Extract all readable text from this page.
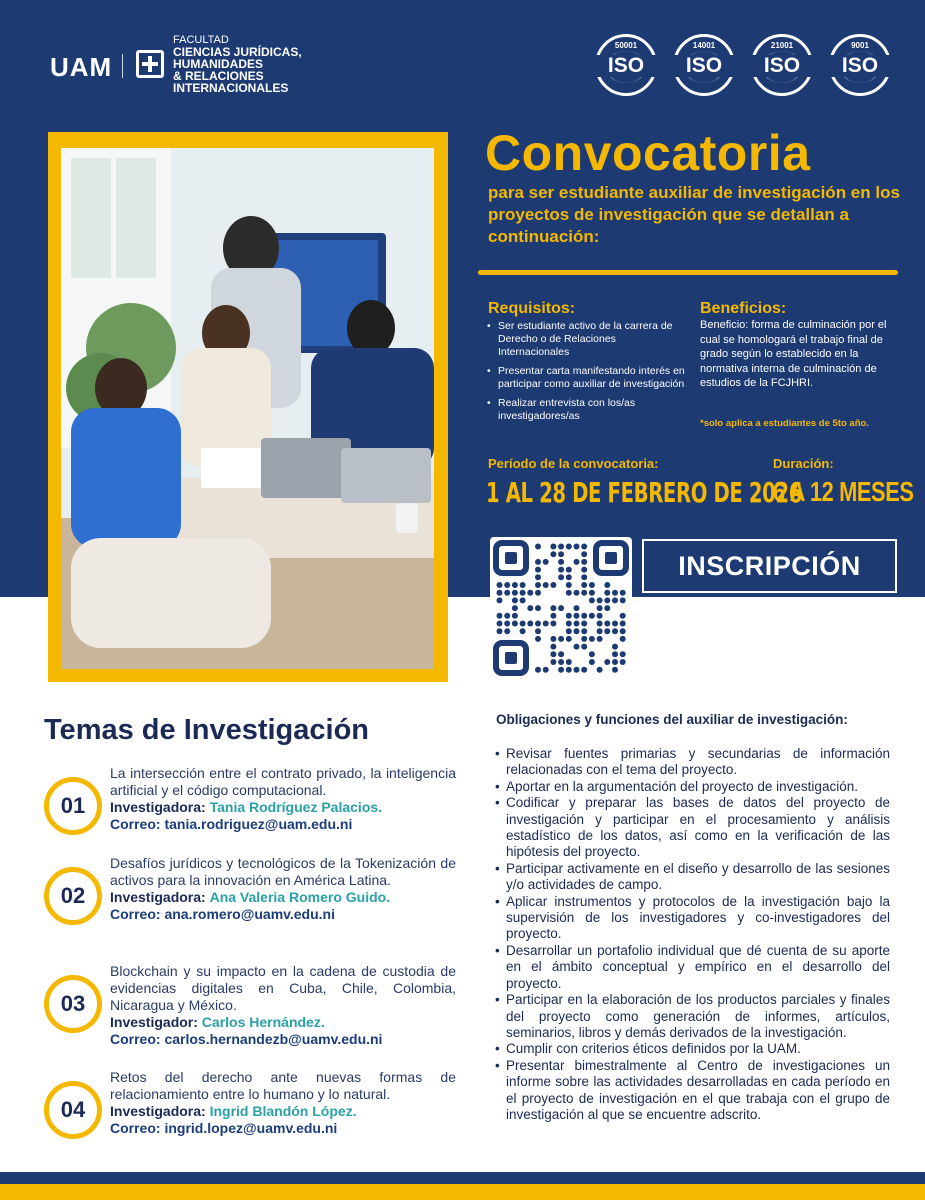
UAM
FACULTAD
CIENCIAS JURÍDICAS,
HUMANIDADES
& RELACIONES
INTERNACIONALES
50001
ISO
14001
ISO
21001
ISO
9001
ISO
Convocatoria
para ser estudiante auxiliar de investigación en los proyectos de investigación que se detallan a continuación:
Requisitos:
• Ser estudiante activo de la carrera de Derecho o de Relaciones Internacionales
• Presentar carta manifestando interés en participar como auxiliar de investigación
• Realizar entrevista con los/as investigadores/as
Beneficios:
Beneficio: forma de culminación por el cual se homologará el trabajo final de grado según lo establecido en la normativa interna de culminación de estudios de la FCJHRI.
*solo aplica a estudiantes de 5to año.
Período de la convocatoria:
1 AL 28 DE FEBRERO DE 2026
Duración:
6 A 12 MESES
INSCRIPCIÓN
Temas de Investigación
01
La intersección entre el contrato privado, la inteligencia artificial y el código computacional.
Investigadora: Tania Rodríguez Palacios.
Correo: tania.rodriguez@uam.edu.ni
02
Desafíos jurídicos y tecnológicos de la Tokenización de activos para la innovación en América Latina.
Investigadora: Ana Valeria Romero Guido.
Correo: ana.romero@uamv.edu.ni
03
Blockchain y su impacto en la cadena de custodia de evidencias digitales en Cuba, Chile, Colombia, Nicaragua y México.
Investigador: Carlos Hernández.
Correo: carlos.hernandezb@uamv.edu.ni
04
Retos del derecho ante nuevas formas de relacionamiento entre lo humano y lo natural.
Investigadora: Ingrid Blandón López.
Correo: ingrid.lopez@uamv.edu.ni
Obligaciones y funciones del auxiliar de investigación:
• Revisar fuentes primarias y secundarias de información relacionadas con el tema del proyecto.
• Aportar en la argumentación del proyecto de investigación.
• Codificar y preparar las bases de datos del proyecto de investigación y participar en el procesamiento y análisis estadístico de los datos, así como en la verificación de las hipótesis del proyecto.
• Participar activamente en el diseño y desarrollo de las sesiones y/o actividades de campo.
• Aplicar instrumentos y protocolos de la investigación bajo la supervisión de los investigadores y co-investigadores del proyecto.
• Desarrollar un portafolio individual que dé cuenta de su aporte en el ámbito conceptual y empírico en el desarrollo del proyecto.
• Participar en la elaboración de los productos parciales y finales del proyecto como generación de informes, artículos, seminarios, libros y demás derivados de la investigación.
• Cumplir con criterios éticos definidos por la UAM.
• Presentar bimestralmente al Centro de investigaciones un informe sobre las actividades desarrolladas en cada período en el proyecto de investigación en el que trabaja con el grupo de investigación al que se encuentre adscrito.
